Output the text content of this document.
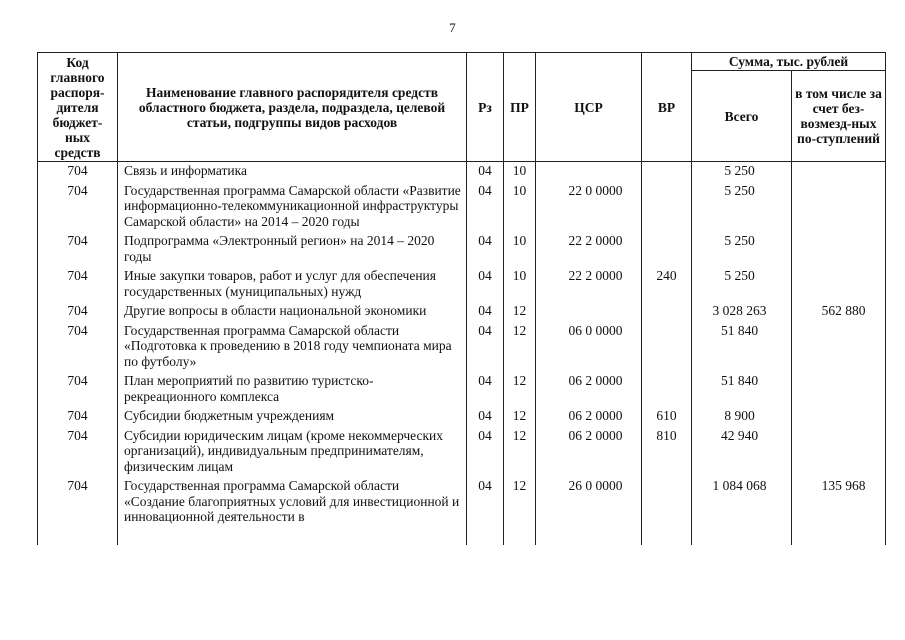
7
Код главного распоря-дителя бюджет-ных средств	Наименование главного распорядителя средств областного бюджета, раздела, подраздела, целевой статьи, подгруппы видов расходов	Рз	ПР	ЦСР	ВР	Сумма, тыс. рублей	
						Всего	в том числе за счет без-возмезд-ных по-ступлений
704	Связь и информатика	04	10			5 250	
704	Государственная программа Самарской области «Развитие информационно-телекоммуникационной инфраструктуры Самарской области» на 2014 – 2020 годы	04	10	22 0 0000		5 250	
704	Подпрограмма «Электронный регион» на 2014 – 2020 годы	04	10	22 2 0000		5 250	
704	Иные закупки товаров, работ и услуг для обеспечения государственных (муниципальных) нужд	04	10	22 2 0000	240	5 250	
704	Другие вопросы в области национальной экономики	04	12			3 028 263	562 880
704	Государственная программа Самарской области «Подготовка к проведению в 2018 году чемпионата мира по футболу»	04	12	06 0 0000		51 840	
704	План мероприятий по развитию туристско-рекреационного комплекса	04	12	06 2 0000		51 840	
704	Субсидии бюджетным учреждениям	04	12	06 2 0000	610	8 900	
704	Субсидии юридическим лицам (кроме некоммерческих организаций), индивидуальным предпринимателям, физическим лицам	04	12	06 2 0000	810	42 940	
704	Государственная программа Самарской области «Создание благоприятных условий для инвестиционной и инновационной деятельности в	04	12	26 0 0000		1 084 068	135 968
